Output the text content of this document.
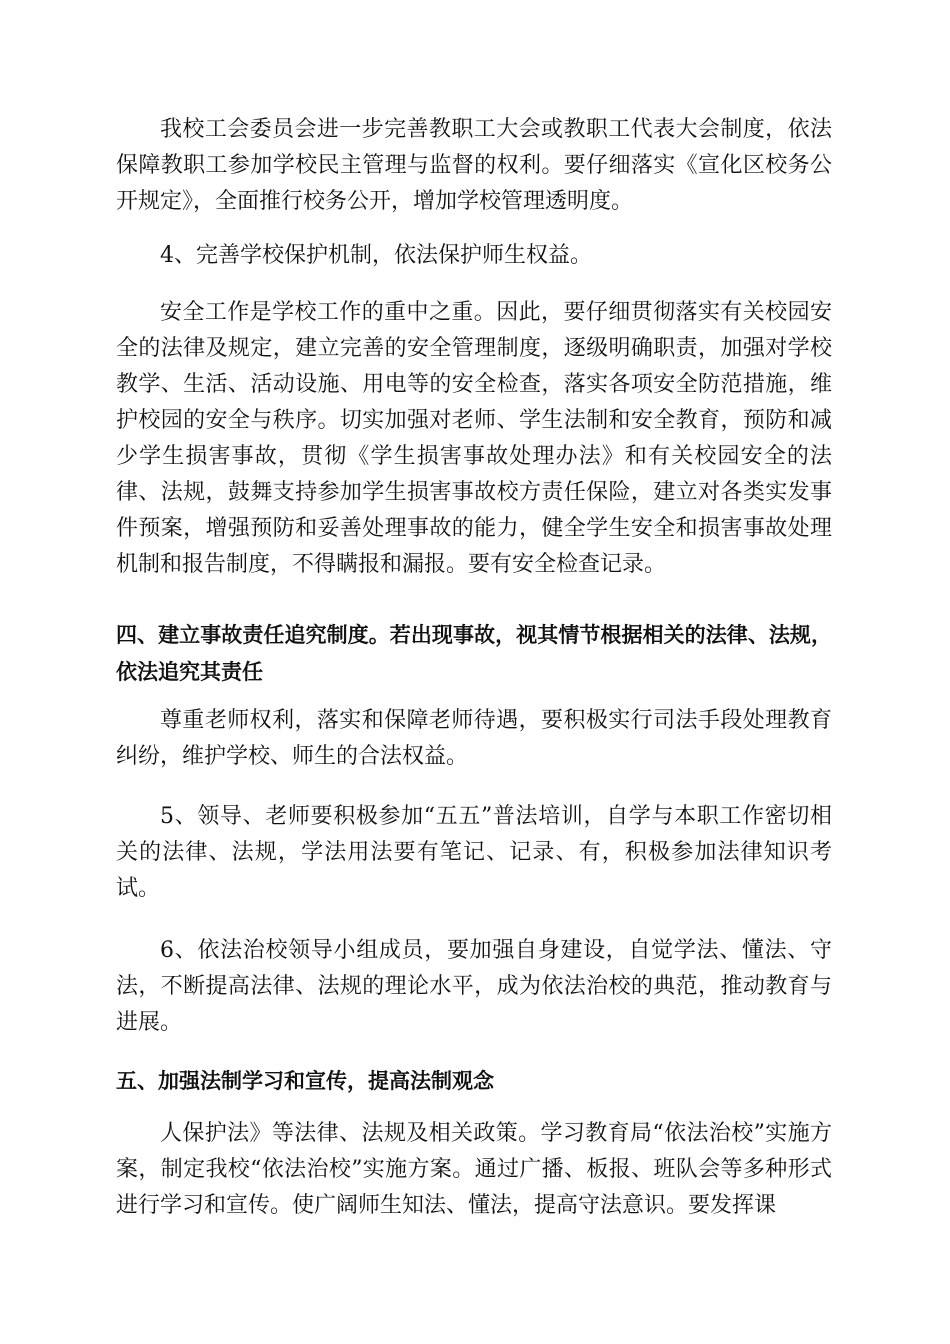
我校工会委员会进一步完善教职工大会或教职工代表大会制度，依法保障教职工参加学校民主管理与监督的权利。要仔细落实《宣化区校务公开规定》，全面推行校务公开，增加学校管理透明度。

4、完善学校保护机制，依法保护师生权益。

安全工作是学校工作的重中之重。因此，要仔细贯彻落实有关校园安全的法律及规定，建立完善的安全管理制度，逐级明确职责，加强对学校教学、生活、活动设施、用电等的安全检查，落实各项安全防范措施，维护校园的安全与秩序。切实加强对老师、学生法制和安全教育，预防和减少学生损害事故，贯彻《学生损害事故处理办法》和有关校园安全的法律、法规，鼓舞支持参加学生损害事故校方责任保险，建立对各类实发事件预案，增强预防和妥善处理事故的能力，健全学生安全和损害事故处理机制和报告制度，不得瞒报和漏报。要有安全检查记录。

四、建立事故责任追究制度。若出现事故，视其情节根据相关的法律、法规，依法追究其责任

尊重老师权利，落实和保障老师待遇，要积极实行司法手段处理教育纠纷，维护学校、师生的合法权益。

5、领导、老师要积极参加“五五”普法培训，自学与本职工作密切相关的法律、法规，学法用法要有笔记、记录、有，积极参加法律知识考试。

6、依法治校领导小组成员，要加强自身建设，自觉学法、懂法、守法，不断提高法律、法规的理论水平，成为依法治校的典范，推动教育与进展。

五、加强法制学习和宣传，提高法制观念

人保护法》等法律、法规及相关政策。学习教育局“依法治校”实施方案，制定我校“依法治校”实施方案。通过广播、板报、班队会等多种形式进行学习和宣传。使广阔师生知法、懂法，提高守法意识。要发挥课
